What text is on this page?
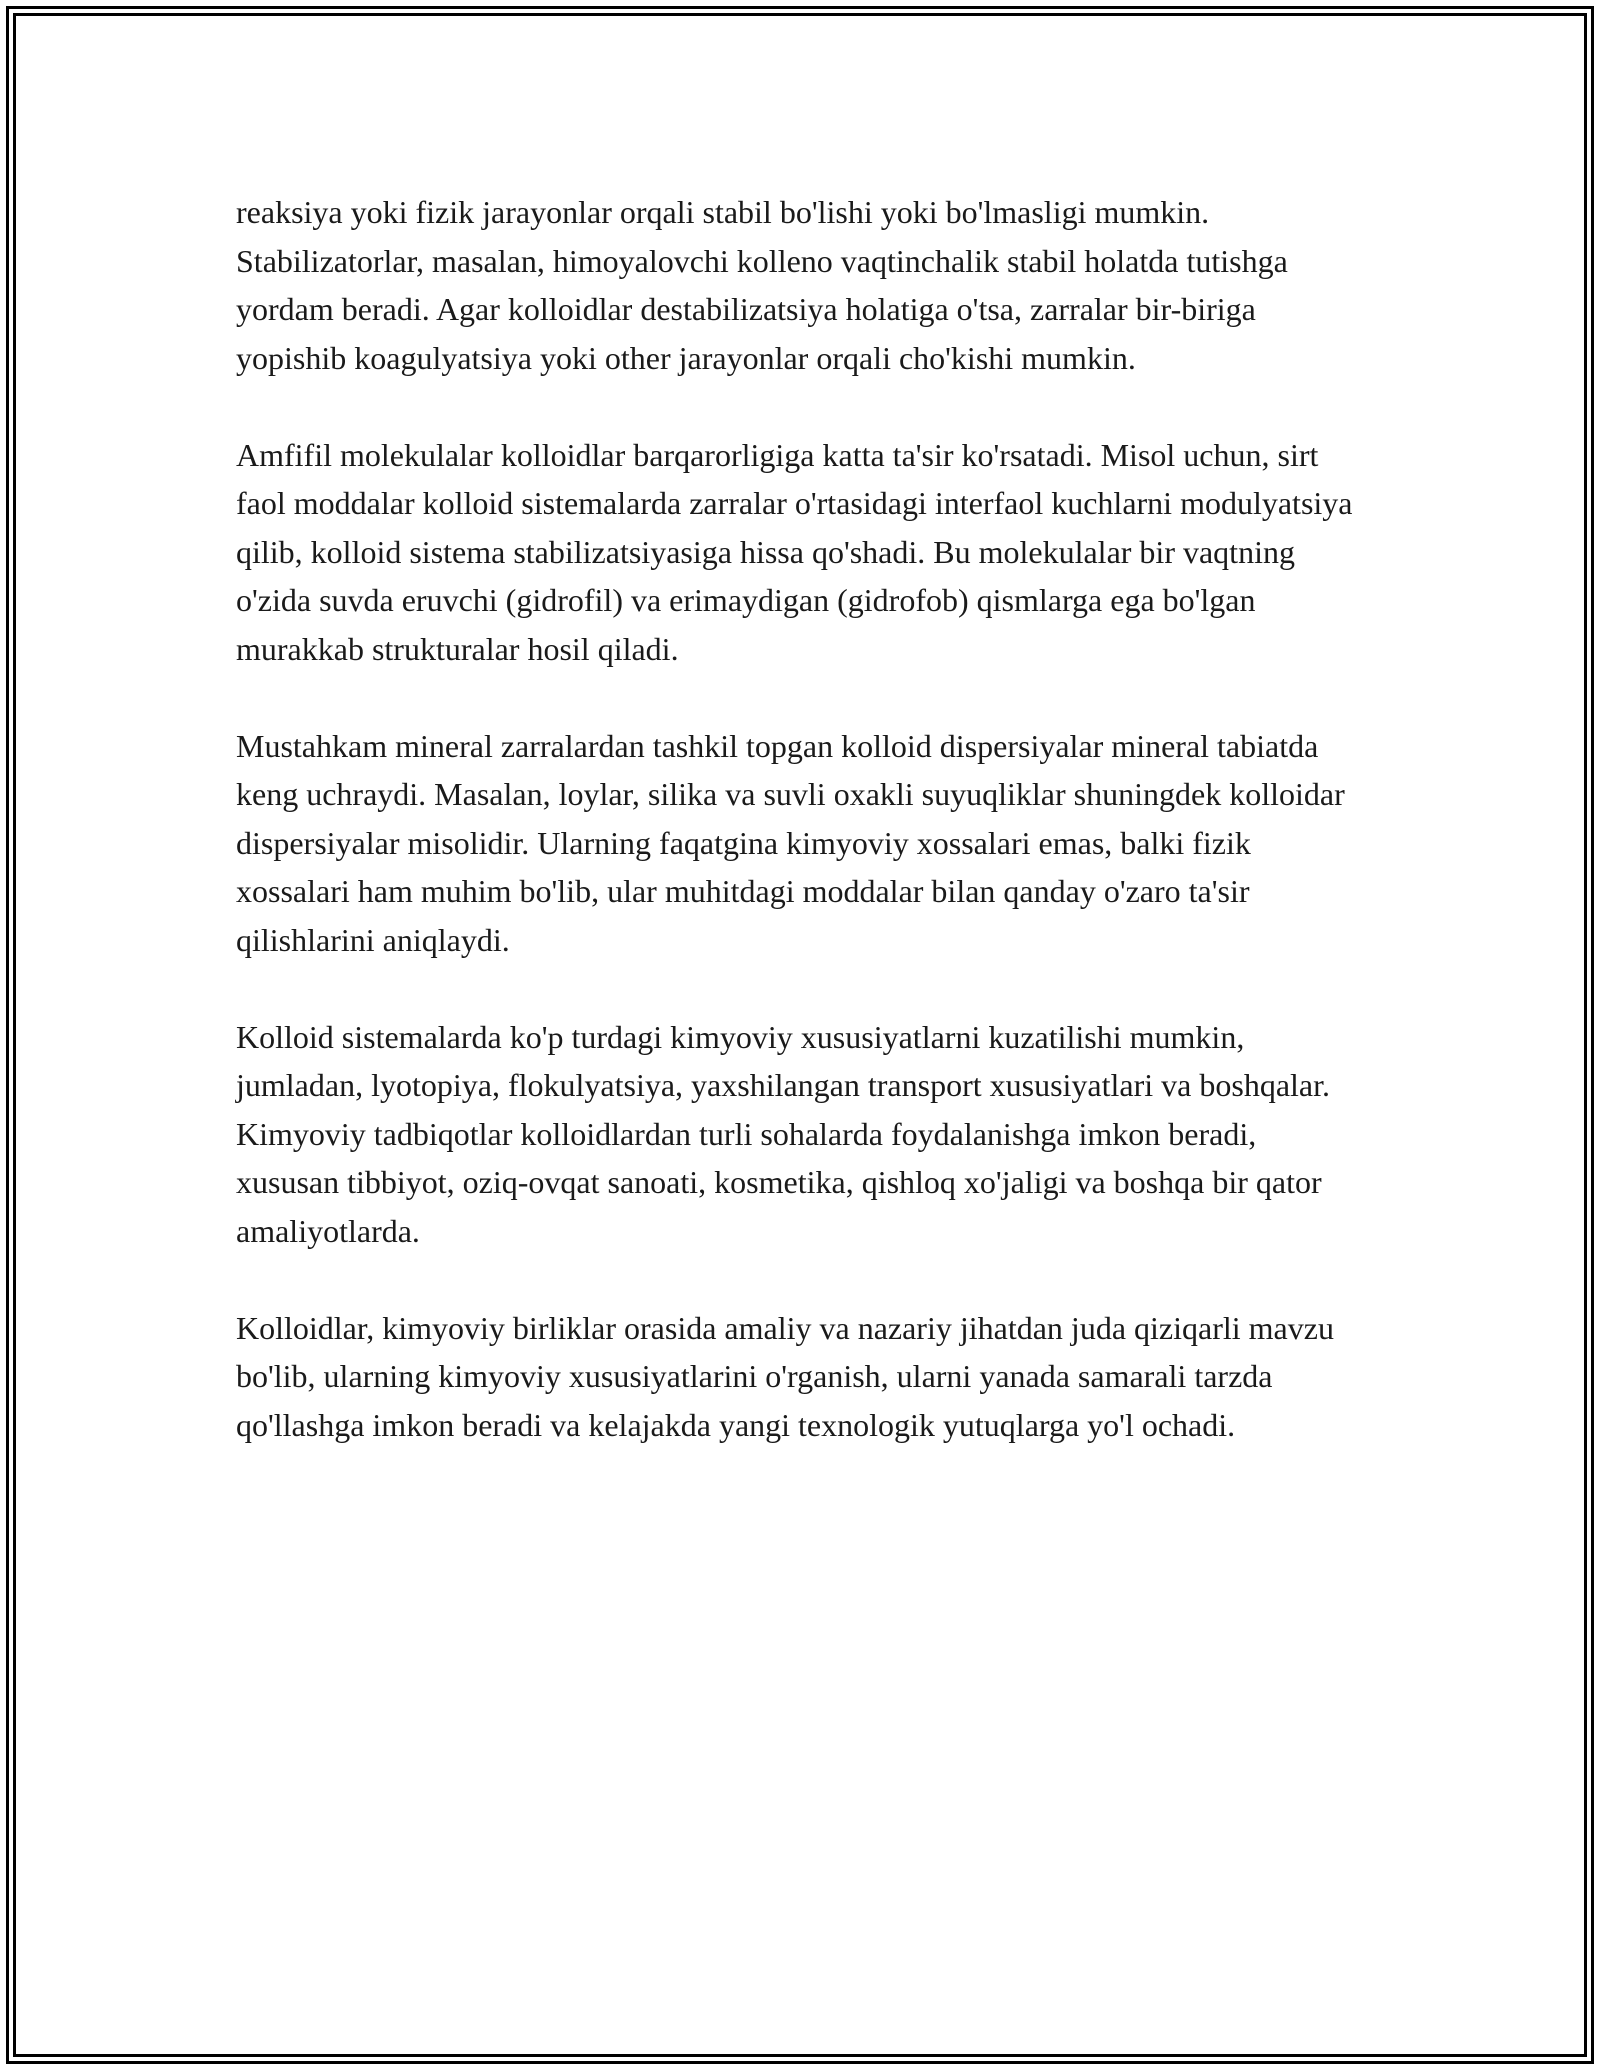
reaksiya yoki fizik jarayonlar orqali stabil bo'lishi yoki bo'lmasligi mumkin. Stabilizatorlar, masalan, himoyalovchi kolleno vaqtinchalik stabil holatda tutishga yordam beradi. Agar kolloidlar destabilizatsiya holatiga o'tsa, zarralar bir-biriga yopishib koagulyatsiya yoki other jarayonlar orqali cho'kishi mumkin.

Amfifil molekulalar kolloidlar barqarorligiga katta ta'sir ko'rsatadi. Misol uchun, sirt faol moddalar kolloid sistemalarda zarralar o'rtasidagi interfaol kuchlarni modulyatsiya qilib, kolloid sistema stabilizatsiyasiga hissa qo'shadi. Bu molekulalar bir vaqtning o'zida suvda eruvchi (gidrofil) va erimaydigan (gidrofob) qismlarga ega bo'lgan murakkab strukturalar hosil qiladi.

Mustahkam mineral zarralardan tashkil topgan kolloid dispersiyalar mineral tabiatda keng uchraydi. Masalan, loylar, silika va suvli oxakli suyuqliklar shuningdek kolloidar dispersiyalar misolidir. Ularning faqatgina kimyoviy xossalari emas, balki fizik xossalari ham muhim bo'lib, ular muhitdagi moddalar bilan qanday o'zaro ta'sir qilishlarini aniqlaydi.

Kolloid sistemalarda ko'p turdagi kimyoviy xususiyatlarni kuzatilishi mumkin, jumladan, lyotopiya, flokulyatsiya, yaxshilangan transport xususiyatlari va boshqalar. Kimyoviy tadbiqotlar kolloidlardan turli sohalarda foydalanishga imkon beradi, xususan tibbiyot, oziq-ovqat sanoati, kosmetika, qishloq xo'jaligi va boshqa bir qator amaliyotlarda.

Kolloidlar, kimyoviy birliklar orasida amaliy va nazariy jihatdan juda qiziqarli mavzu bo'lib, ularning kimyoviy xususiyatlarini o'rganish, ularni yanada samarali tarzda qo'llashga imkon beradi va kelajakda yangi texnologik yutuqlarga yo'l ochadi.
